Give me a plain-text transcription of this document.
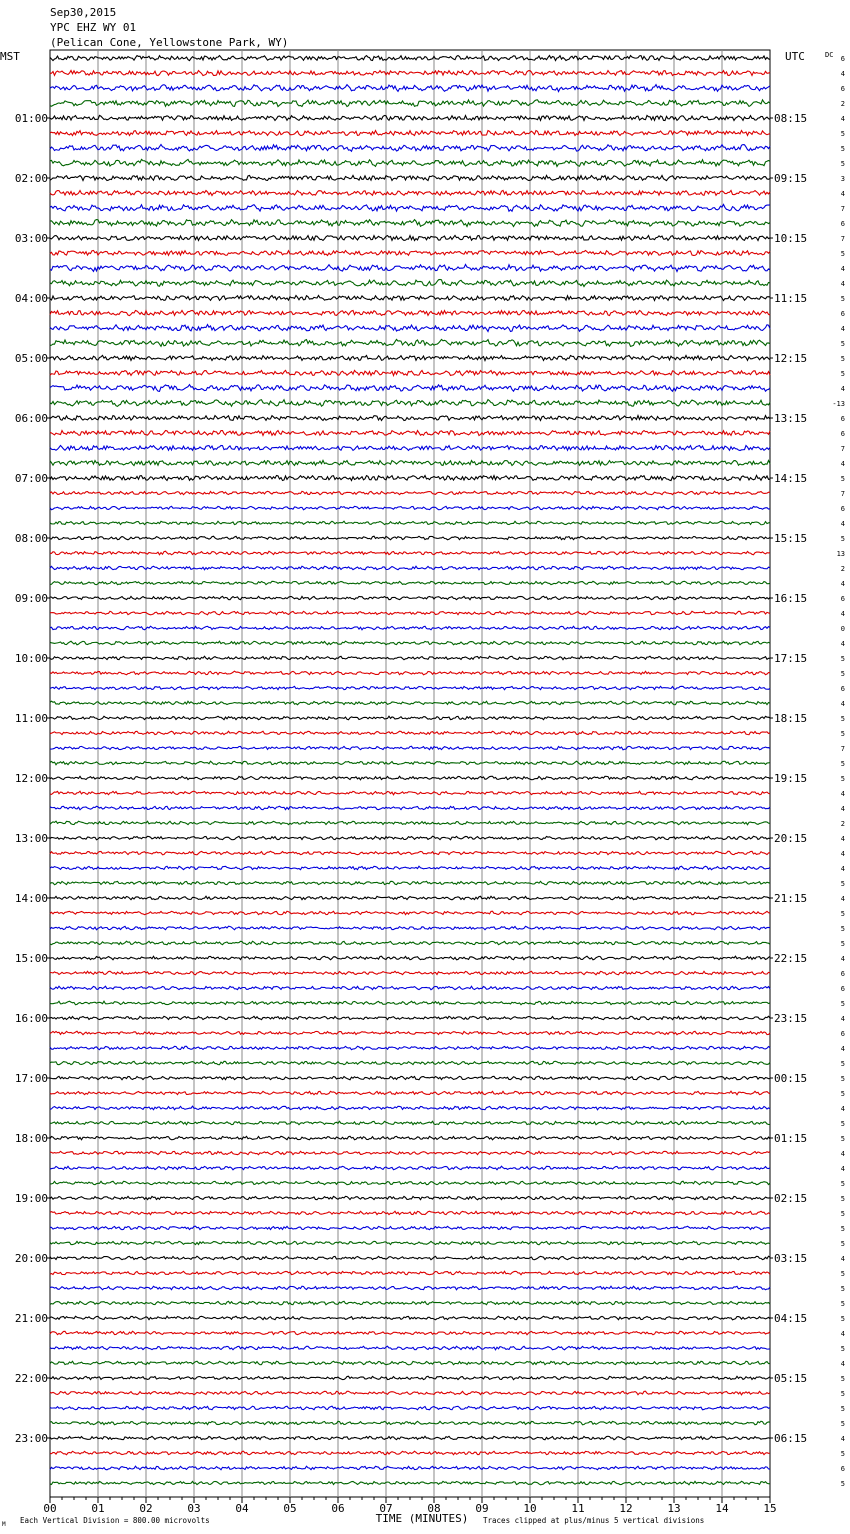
Sep30,2015
YPC EHZ WY 01
(Pelican Cone, Yellowstone Park, WY)
01:00
02:00
03:00
04:00
05:00
06:00
07:00
08:00
09:00
10:00
11:00
12:00
13:00
14:00
15:00
16:00
17:00
18:00
19:00
20:00
21:00
22:00
23:00
08:15
09:15
10:15
11:15
12:15
13:15
14:15
15:15
16:15
17:15
18:15
19:15
20:15
21:15
22:15
23:15
00:15
01:15
02:15
03:15
04:15
05:15
06:15
MST	UTC	DC 6
4
6
2
4
5
5
5
3
4
7
6
7
5
4
4
5
6
4
5
5
5
4
-13
6
6
7
4
5
7
6
4
5
13
2
4
6
4
0
4
5
5
6
4
5
5
7
5
5
4
4
2
4
4
4
5
4
5
5
5
4
6
6
5
4
6
4
5
5
5
4
5
5
4
4
5
5
5
5
5
4
5
5
5
5
4
5
4
5
5
5
5
4
5
6
5
00	01	02	03	04	05	06	07	08	09	10	11	12	13	14	15
TIME (MINUTES)
Each Vertical Division = 800.00 microvolts	Traces clipped at plus/minus 5 vertical divisions
M
